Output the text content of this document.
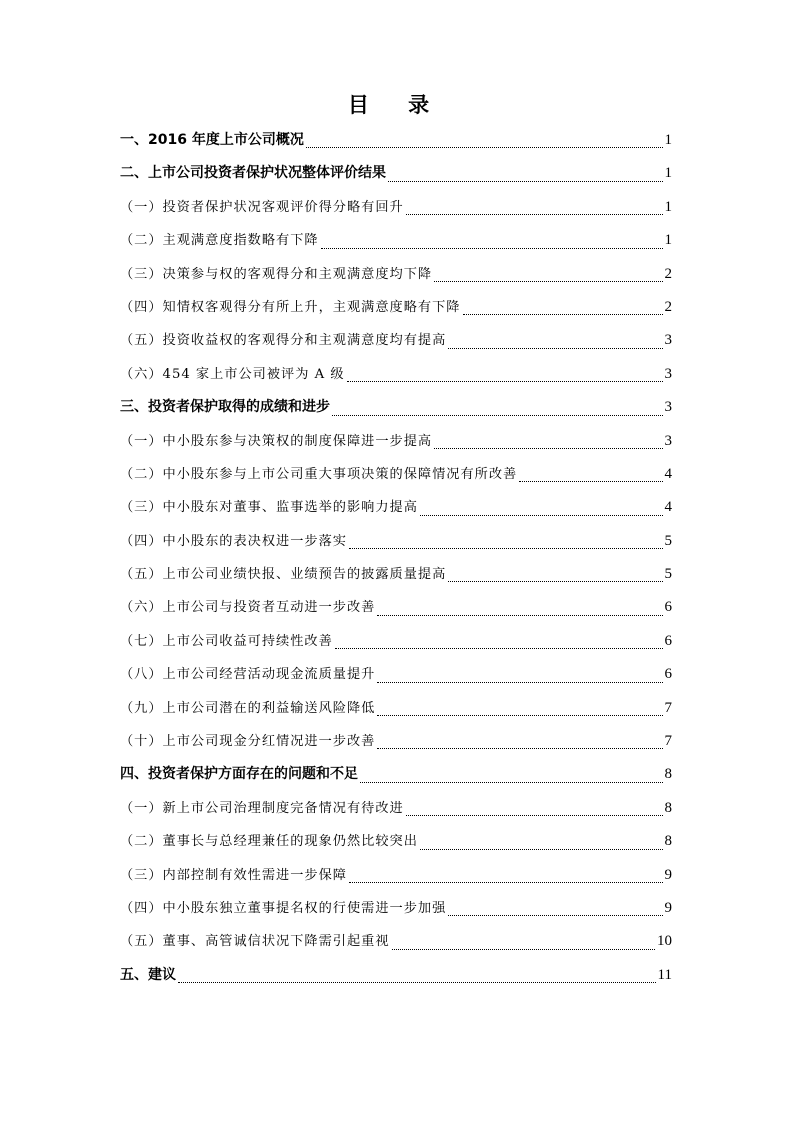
目 录
一、2016 年度上市公司概况	1
二、上市公司投资者保护状况整体评价结果	1
（一）投资者保护状况客观评价得分略有回升	1
（二）主观满意度指数略有下降	1
（三）决策参与权的客观得分和主观满意度均下降	2
（四）知情权客观得分有所上升，主观满意度略有下降	2
（五）投资收益权的客观得分和主观满意度均有提高	3
（六）454 家上市公司被评为 A 级	3
三、投资者保护取得的成绩和进步	3
（一）中小股东参与决策权的制度保障进一步提高	3
（二）中小股东参与上市公司重大事项决策的保障情况有所改善	4
（三）中小股东对董事、监事选举的影响力提高	4
（四）中小股东的表决权进一步落实	5
（五）上市公司业绩快报、业绩预告的披露质量提高	5
（六）上市公司与投资者互动进一步改善	6
（七）上市公司收益可持续性改善	6
（八）上市公司经营活动现金流质量提升	6
（九）上市公司潜在的利益输送风险降低	7
（十）上市公司现金分红情况进一步改善	7
四、投资者保护方面存在的问题和不足	8
（一）新上市公司治理制度完备情况有待改进	8
（二）董事长与总经理兼任的现象仍然比较突出	8
（三）内部控制有效性需进一步保障	9
（四）中小股东独立董事提名权的行使需进一步加强	9
（五）董事、高管诚信状况下降需引起重视	10
五、建议	11
